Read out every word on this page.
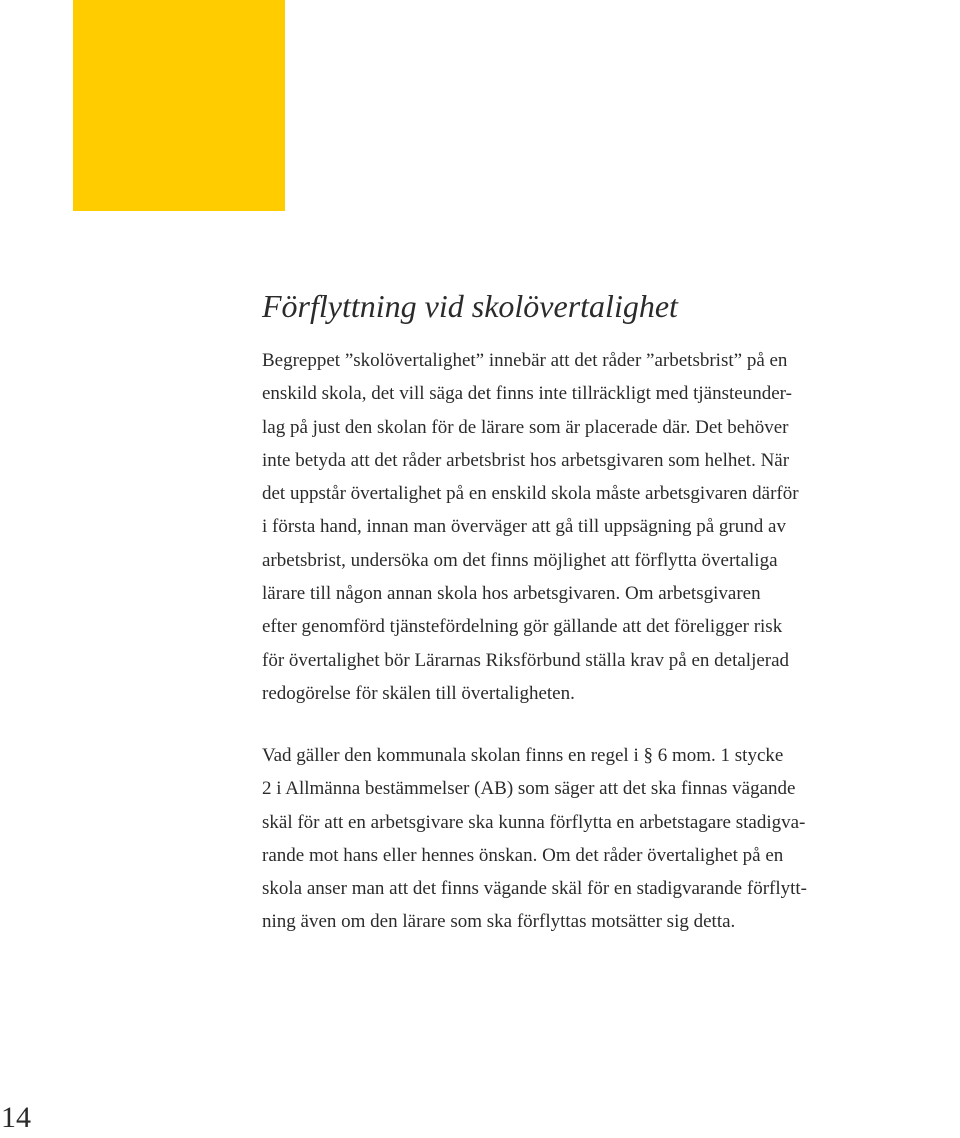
Förflyttning vid skolövertalighet
Begreppet ”skolövertalighet” innebär att det råder ”arbetsbrist” på en
enskild skola, det vill säga det finns inte tillräckligt med tjänsteunder-
lag på just den skolan för de lärare som är placerade där. Det behöver
inte betyda att det råder arbetsbrist hos arbetsgivaren som helhet. När
det uppstår övertalighet på en enskild skola måste arbetsgivaren därför
i första hand, innan man överväger att gå till uppsägning på grund av
arbetsbrist, undersöka om det finns möjlighet att förflytta övertaliga
lärare till någon annan skola hos arbetsgivaren. Om arbetsgivaren
efter genomförd tjänstefördelning gör gällande att det föreligger risk
för övertalighet bör Lärarnas Riksförbund ställa krav på en detaljerad
redogörelse för skälen till övertaligheten.
Vad gäller den kommunala skolan finns en regel i § 6 mom. 1 stycke
2 i Allmänna bestämmelser (AB) som säger att det ska finnas vägande
skäl för att en arbetsgivare ska kunna förflytta en arbetstagare stadigva-
rande mot hans eller hennes önskan. Om det råder övertalighet på en
skola anser man att det finns vägande skäl för en stadigvarande förflytt-
ning även om den lärare som ska förflyttas motsätter sig detta.
14
